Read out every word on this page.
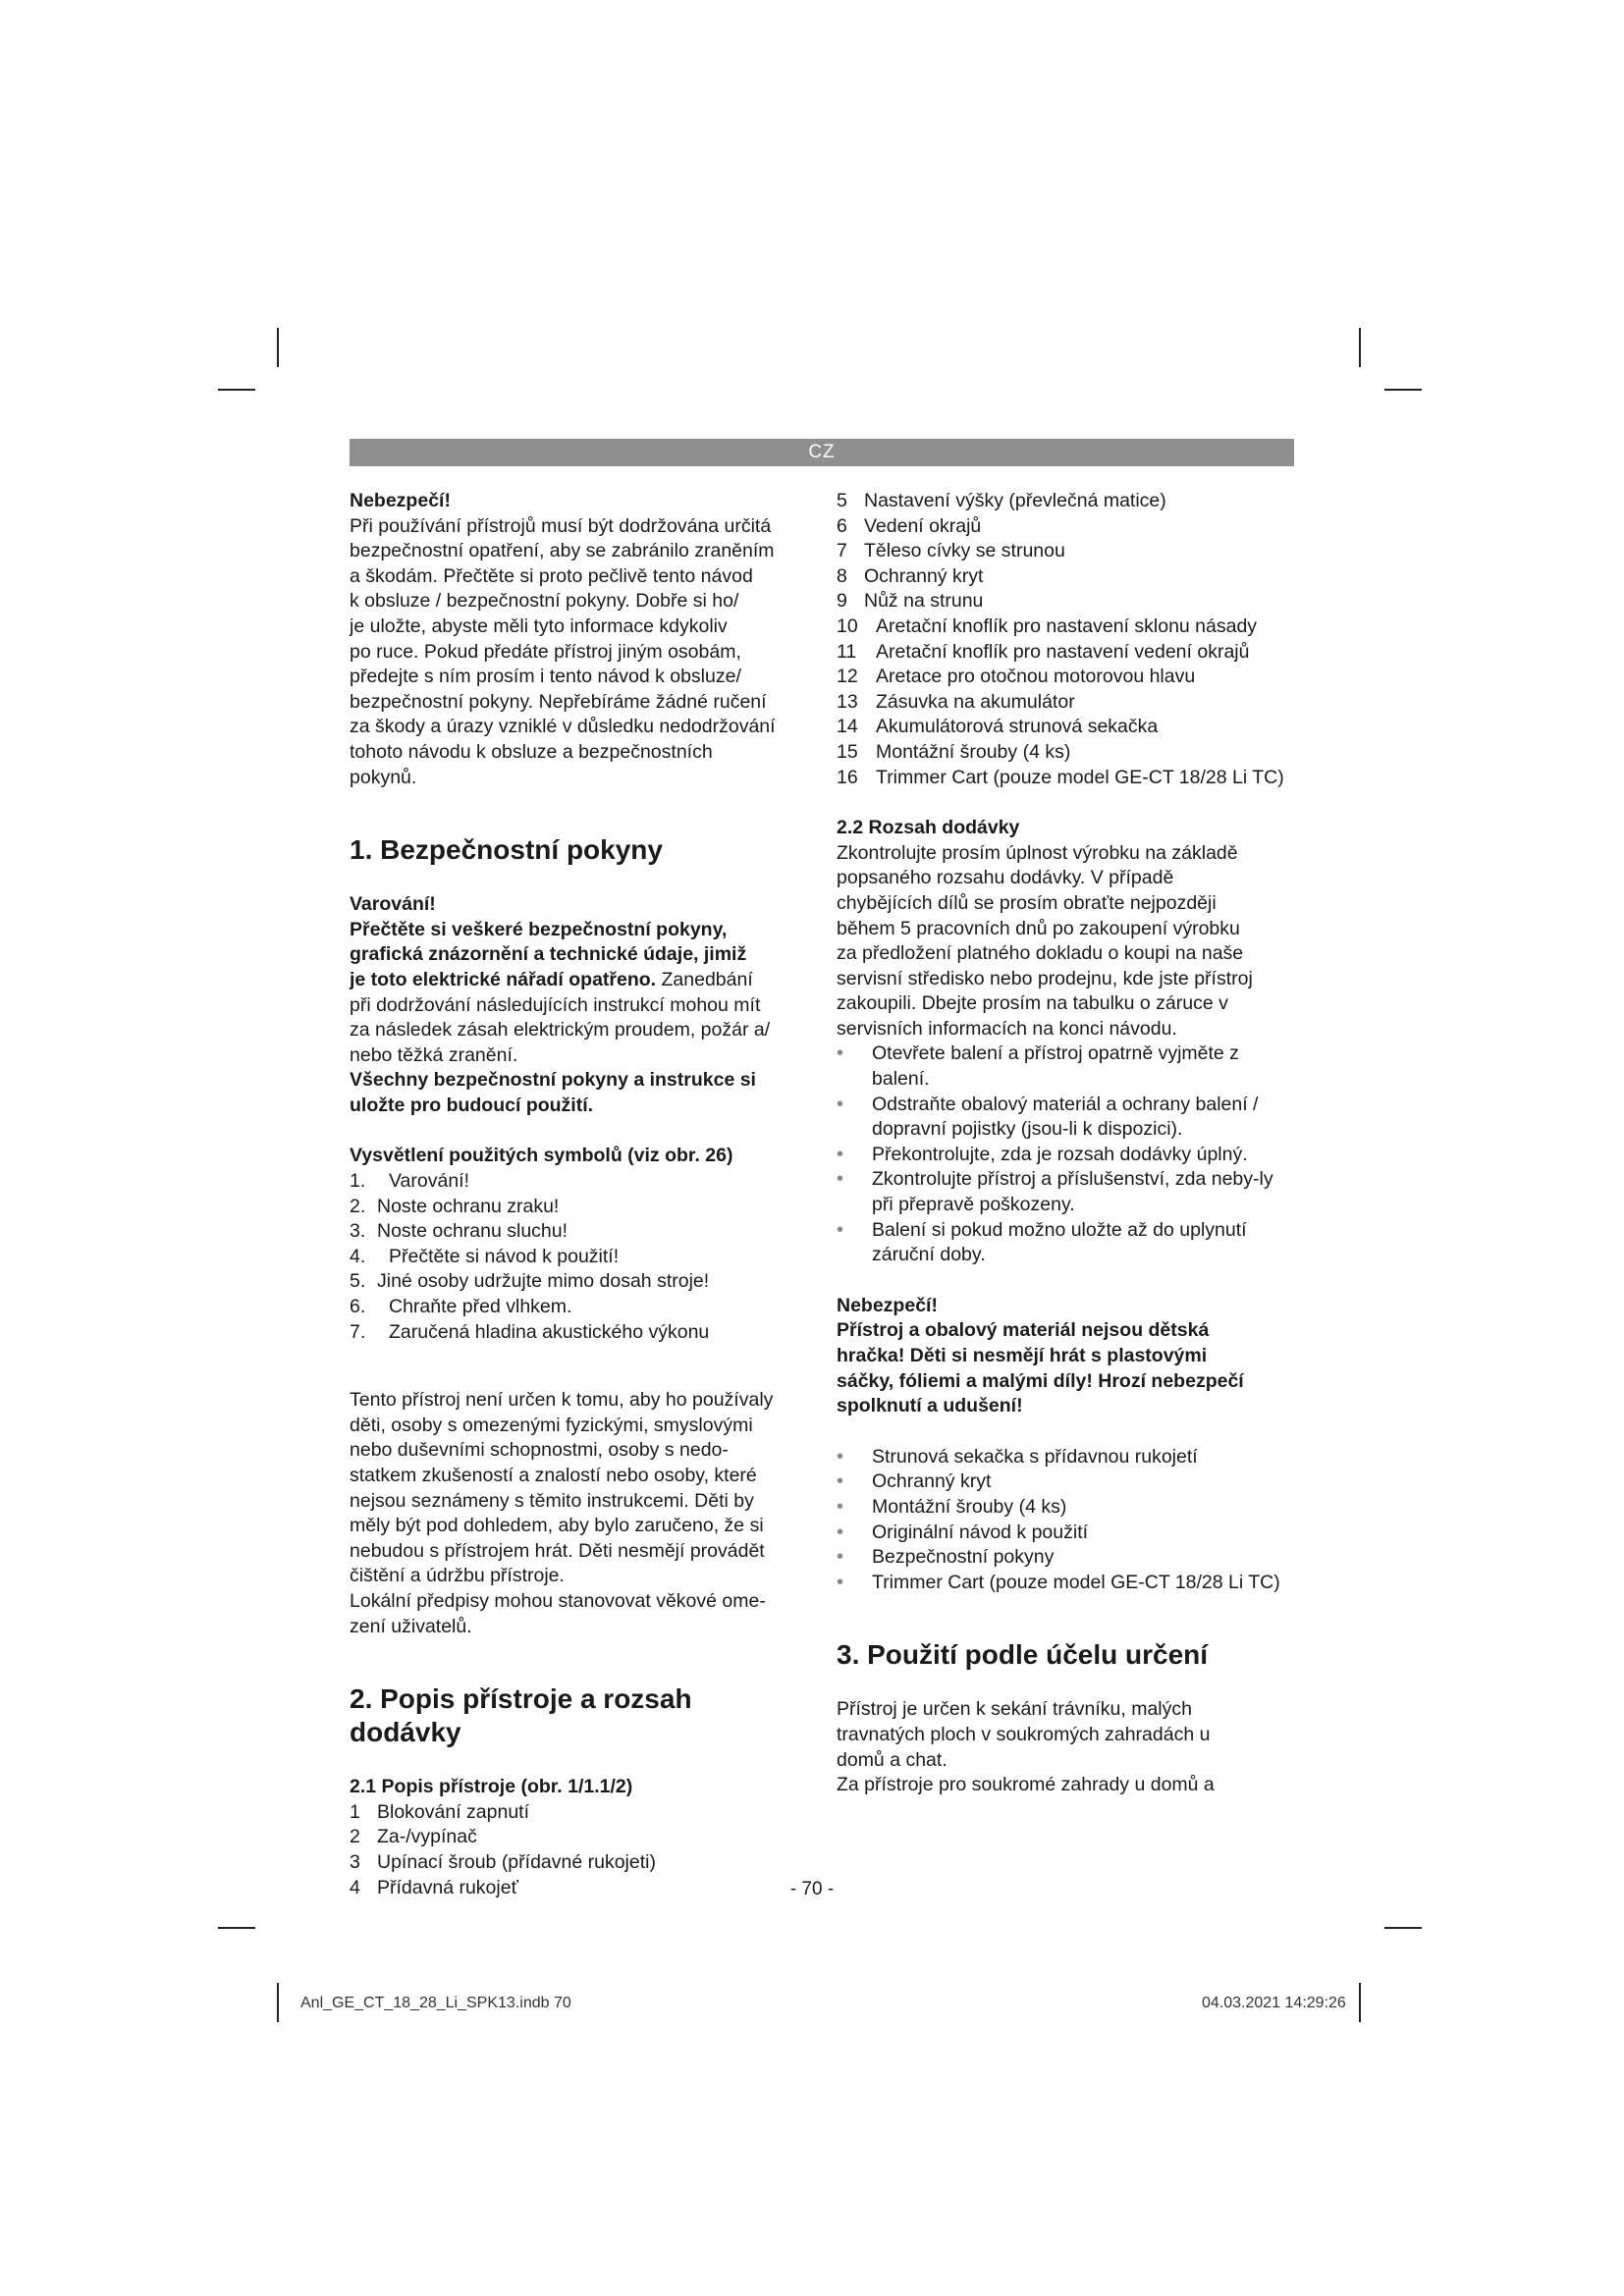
CZ

Nebezpečí!

Při používání přístrojů musí být dodržována určitá

bezpečnostní opatření, aby se zabránilo zraněním

a škodám. Přečtěte si proto pečlivě tento návod

k obsluze / bezpečnostní pokyny. Dobře si ho/

je uložte, abyste měli tyto informace kdykoliv

po ruce. Pokud předáte přístroj jiným osobám,

předejte s ním prosím i tento návod k obsluze/

bezpečnostní pokyny. Nepřebíráme žádné ručení

za škody a úrazy vzniklé v důsledku nedodržování

tohoto návodu k obsluze a bezpečnostních

pokynů.

1. Bezpečnostní pokyny

Varování!

Přečtěte si veškeré bezpečnostní pokyny,

grafická znázornění a technické údaje, jimiž

je toto elektrické nářadí opatřeno. Zanedbání

při dodržování následujících instrukcí mohou mít

za následek zásah elektrickým proudem, požár a/

nebo těžká zranění.

Všechny bezpečnostní pokyny a instrukce si

uložte pro budoucí použití.

Vysvětlení použitých symbolů (viz obr. 26)
1.	Varování!
2. Noste ochranu zraku!
3. Noste ochranu sluchu!
4.	Přečtěte si návod k použití!
5. Jiné osoby udržujte mimo dosah stroje!
6.	Chraňte před vlhkem.
7.	Zaručená hladina akustického výkonu

Tento přístroj není určen k tomu, aby ho používaly

děti, osoby s omezenými fyzickými, smyslovými

nebo duševními schopnostmi, osoby s nedo-

statkem zkušeností a znalostí nebo osoby, které

nejsou seznámeny s těmito instrukcemi. Děti by

měly být pod dohledem, aby bylo zaručeno, že si

nebudou s přístrojem hrát. Děti nesmějí provádět

čištění a údržbu přístroje.

Lokální předpisy mohou stanovovat věkové ome-

zení uživatelů.

2. Popis přístroje a rozsah dodávky
2.1 Popis přístroje (obr. 1/1.1/2)
1 Blokování zapnutí
2 Za-/vypínač
3 Upínací šroub (přídavné rukojeti)
4 Přídavná rukojeť
5 Nastavení výšky (převlečná matice)
6 Vedení okrajů
7 Těleso cívky se strunou
8 Ochranný kryt
9 Nůž na strunu
10 Aretační knoflík pro nastavení sklonu násady
11	Aretační knoflík pro nastavení vedení okrajů
12 Aretace pro otočnou motorovou hlavu
13 Zásuvka na akumulátor
14 Akumulátorová strunová sekačka
15 Montážní šrouby (4 ks)
16 Trimmer Cart (pouze model GE-CT 18/28 Li TC)
2.2 Rozsah dodávky

Zkontrolujte prosím úplnost výrobku na základě

popsaného rozsahu dodávky. V případě

chybějících dílů se prosím obraťte nejpozději

během 5 pracovních dnů po zakoupení výrobku

za předložení platného dokladu o koupi na naše

servisní středisko nebo prodejnu, kde jste přístroj

zakoupili. Dbejte prosím na tabulku o záruce v

servisních informacích na konci návodu.

•	Otevřete balení a přístroj opatrně vyjměte z balení.
•	Odstraňte obalový materiál a ochrany balení / dopravní pojistky (jsou-li k dispozici).
•	Překontrolujte, zda je rozsah dodávky úplný.
•	Zkontrolujte přístroj a příslušenství, zda neby-ly při přepravě poškozeny.
•	Balení si pokud možno uložte až do uplynutí záruční doby.

Nebezpečí!

Přístroj a obalový materiál nejsou dětská

hračka! Děti si nesmějí hrát s plastovými

sáčky, fóliemi a malými díly! Hrozí nebezpečí

spolknutí a udušení!

•	Strunová sekačka s přídavnou rukojetí
•	Ochranný kryt
•	Montážní šrouby (4 ks)
•	Originální návod k použití
•	Bezpečnostní pokyny
•	Trimmer Cart (pouze model GE-CT 18/28 Li TC)
3. Použití podle účelu určení

Přístroj je určen k sekání trávníku, malých

travnatých ploch v soukromých zahradách u

domů a chat.

Za přístroje pro soukromé zahrady u domů a

- 70 -
Anl_GE_CT_18_28_Li_SPK13.indb 70	04.03.2021 14:29:26
